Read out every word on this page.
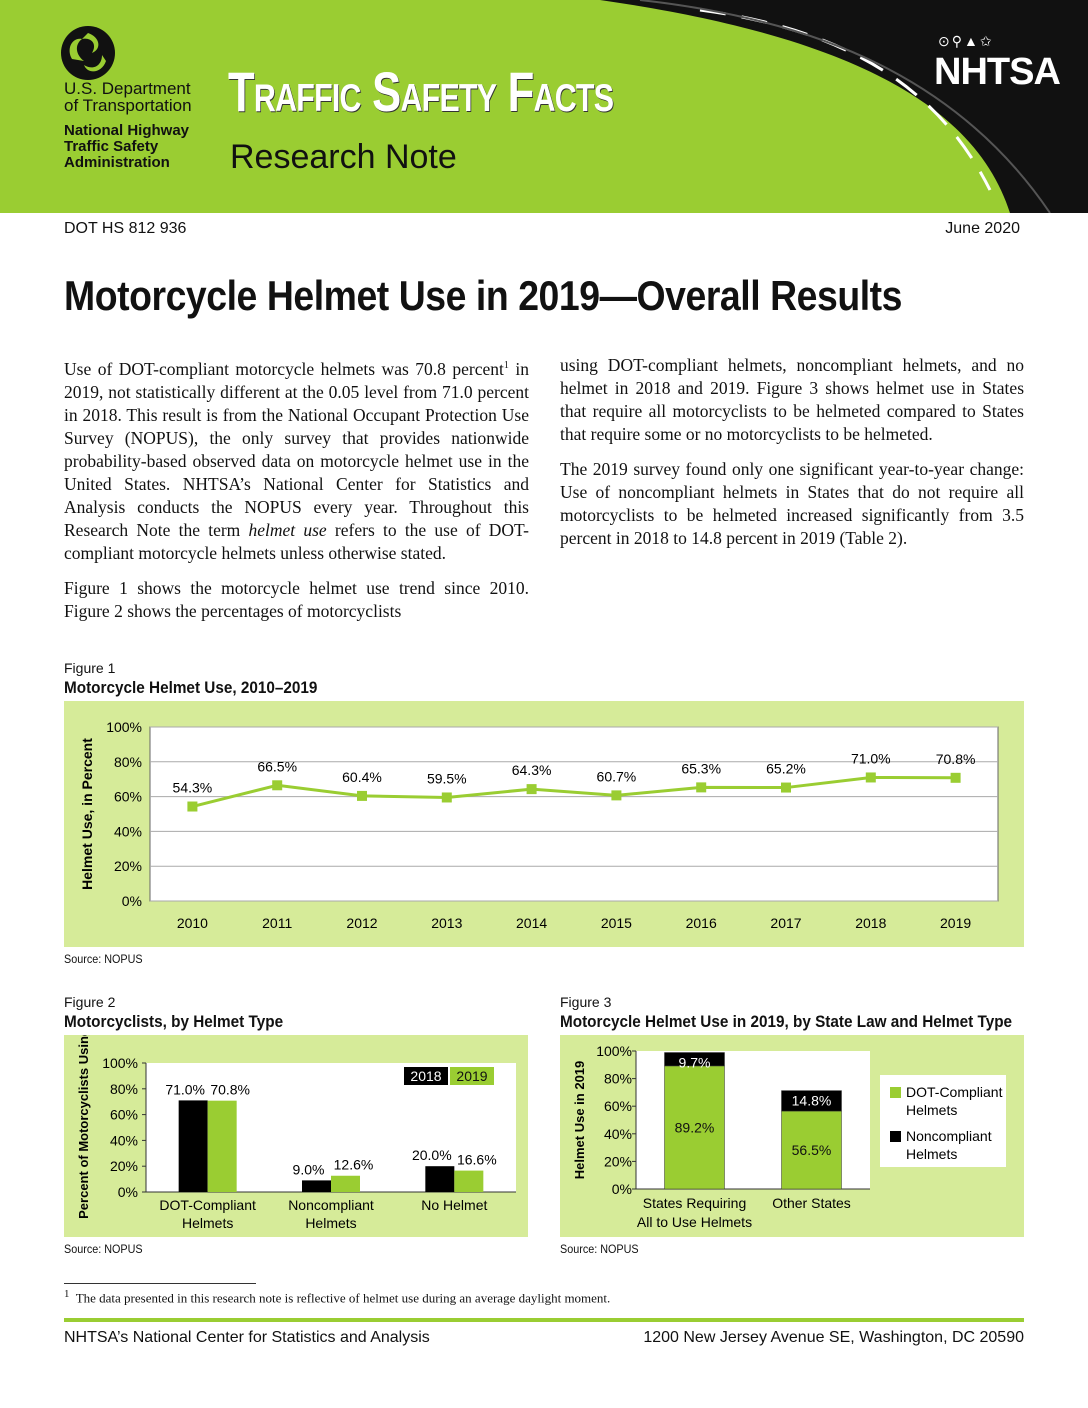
U.S. Department
of Transportation
National Highway
Traffic Safety
Administration
Traffic Safety Facts
Research Note
⊙⚲▲✩
NHTSA
DOT HS 812 936	June 2020
Motorcycle Helmet Use in 2019—Overall Results

Use of DOT-compliant motorcycle helmets was 70.8 percent$^1$ in 2019, not statistically different at the 0.05 level from 71.0 percent in 2018. This result is from the National Occupant Protection Use Survey (NOPUS), the only survey that provides nationwide probability-based observed data on motorcycle helmet use in the United States. NHTSA’s National Center for Statistics and Analysis conducts the NOPUS every year. Throughout this Research Note the term helmet use refers to the use of DOT-compliant motorcycle helmets unless otherwise stated.

Figure 1 shows the motorcycle helmet use trend since 2010. Figure 2 shows the percentages of motorcyclists

using DOT-compliant helmets, noncompliant helmets, and no helmet in 2018 and 2019. Figure 3 shows helmet use in States that require all motorcyclists to be helmeted compared to States that require some or no motorcyclists to be helmeted.

The 2019 survey found only one significant year-to-year change: Use of noncompliant helmets in States that do not require all motorcyclists to be helmeted increased significantly from 3.5 percent in 2018 to 14.8 percent in 2019 (Table 2).

Figure 1
Motorcycle Helmet Use, 2010–2019
0%
20%
40%
60%
80%
100%
Helmet Use, in Percent	54.3%
2010
66.5%
2011
60.4%
2012
59.5%
2013
64.3%
2014
60.7%
2015
65.3%
2016
65.2%
2017
71.0%
2018
70.8%
2019
Source: NOPUS
Figure 2
Motorcyclists, by Helmet Type
0%
20%
40%
60%
80%
100%
Percent of Motorcyclists Using	71.0% 70.8%
DOT-Compliant
Helmets
9.0% 12.6%
Noncompliant
Helmets
20.0% 16.6%
No Helmet
2018 2019
Source: NOPUS
Figure 3
Motorcycle Helmet Use in 2019, by State Law and Helmet Type
0%
20%
40%
60%
80%
100%
Helmet Use in 2019	89.2%
9.7%
States Requiring
All to Use Helmets
56.5%
14.8%
Other States
DOT-Compliant
Helmets
Noncompliant
Helmets
Source: NOPUS
$^1$ The data presented in this research note is reflective of helmet use during an average daylight moment.
NHTSA’s National Center for Statistics and Analysis	1200 New Jersey Avenue SE, Washington, DC 20590
